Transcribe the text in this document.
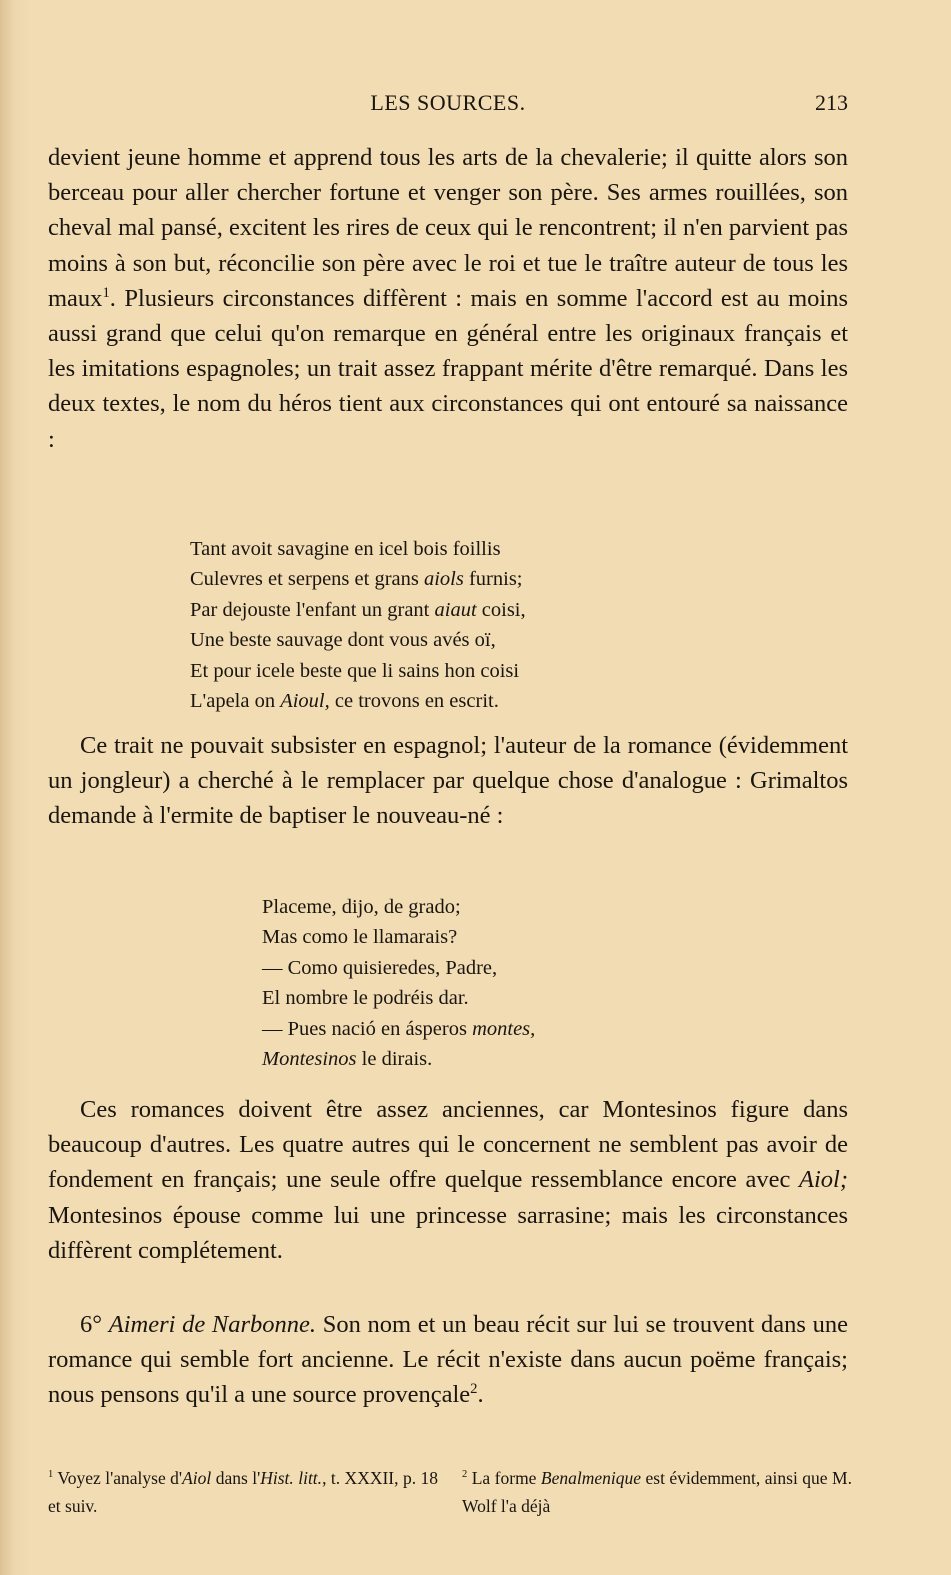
LES SOURCES.	213

devient jeune homme et apprend tous les arts de la chevalerie; il quitte alors son berceau pour aller chercher fortune et venger son père. Ses armes rouillées, son cheval mal pansé, excitent les rires de ceux qui le rencontrent; il n'en parvient pas moins à son but, réconcilie son père avec le roi et tue le traître auteur de tous les maux$^1$. Plusieurs circonstances diffèrent : mais en somme l'accord est au moins aussi grand que celui qu'on remarque en général entre les originaux français et les imitations espagnoles; un trait assez frappant mérite d'être remarqué. Dans les deux textes, le nom du héros tient aux circonstances qui ont entouré sa naissance :

Tant avoit savagine en icel bois foillis
Culevres et serpens et grans aiols furnis;
Par dejouste l'enfant un grant aiaut coisi,
Une beste sauvage dont vous avés oï,
Et pour icele beste que li sains hon coisi
L'apela on Aioul, ce trovons en escrit.

Ce trait ne pouvait subsister en espagnol; l'auteur de la romance (évidemment un jongleur) a cherché à le remplacer par quelque chose d'analogue : Grimaltos demande à l'ermite de baptiser le nouveau-né :

Placeme, dijo, de grado;
Mas como le llamarais?
— Como quisieredes, Padre,
El nombre le podréis dar.
— Pues nació en ásperos montes,
Montesinos le dirais.

Ces romances doivent être assez anciennes, car Montesinos figure dans beaucoup d'autres. Les quatre autres qui le concernent ne semblent pas avoir de fondement en français; une seule offre quelque ressemblance encore avec Aiol; Montesinos épouse comme lui une princesse sarrasine; mais les circonstances diffèrent complétement.

6° Aimeri de Narbonne. Son nom et un beau récit sur lui se trouvent dans une romance qui semble fort ancienne. Le récit n'existe dans aucun poëme français; nous pensons qu'il a une source provençale$^2$.

$^1$ Voyez l'analyse d'Aiol dans l'Hist. litt., t. XXXII, p. 18 et suiv.
$^2$ La forme Benalmenique est évidemment, ainsi que M. Wolf l'a déjà
